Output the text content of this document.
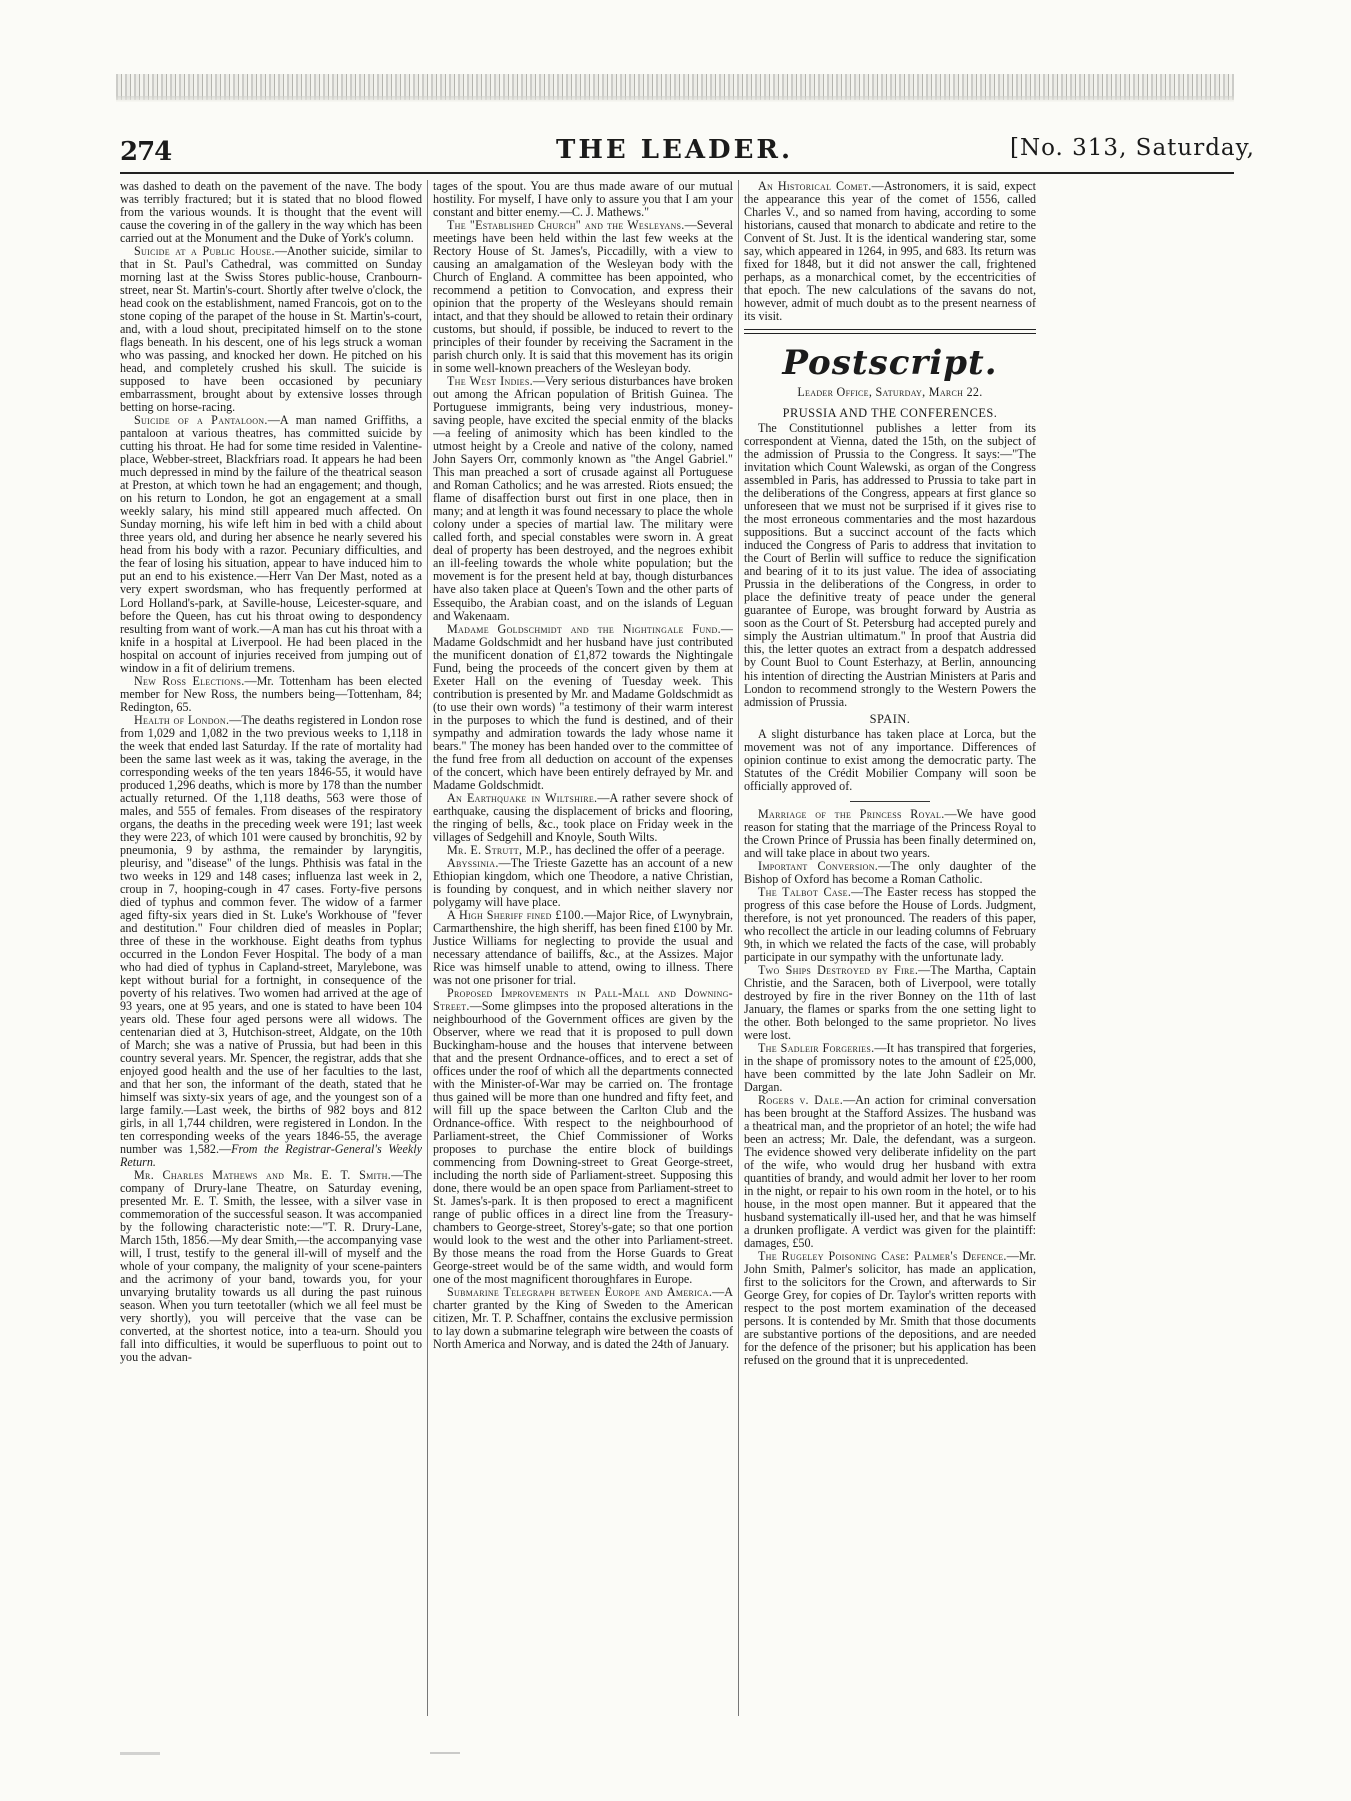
274	THE LEADER.	[No. 313, Saturday,

was dashed to death on the pavement of the nave. The body was terribly fractured; but it is stated that no blood flowed from the various wounds. It is thought that the event will cause the covering in of the gallery in the way which has been carried out at the Monument and the Duke of York's column.

Suicide at a Public House.—Another suicide, similar to that in St. Paul's Cathedral, was committed on Sunday morning last at the Swiss Stores public-house, Cranbourn-street, near St. Martin's-court. Shortly after twelve o'clock, the head cook on the establishment, named Francois, got on to the stone coping of the parapet of the house in St. Martin's-court, and, with a loud shout, precipitated himself on to the stone flags beneath. In his descent, one of his legs struck a woman who was passing, and knocked her down. He pitched on his head, and completely crushed his skull. The suicide is supposed to have been occasioned by pecuniary embarrassment, brought about by extensive losses through betting on horse-racing.

Suicide of a Pantaloon.—A man named Griffiths, a pantaloon at various theatres, has committed suicide by cutting his throat. He had for some time resided in Valentine-place, Webber-street, Blackfriars road. It appears he had been much depressed in mind by the failure of the theatrical season at Preston, at which town he had an engagement; and though, on his return to London, he got an engagement at a small weekly salary, his mind still appeared much affected. On Sunday morning, his wife left him in bed with a child about three years old, and during her absence he nearly severed his head from his body with a razor. Pecuniary difficulties, and the fear of losing his situation, appear to have induced him to put an end to his existence.—Herr Van Der Mast, noted as a very expert swordsman, who has frequently performed at Lord Holland's-park, at Saville-house, Leicester-square, and before the Queen, has cut his throat owing to despondency resulting from want of work.—A man has cut his throat with a knife in a hospital at Liverpool. He had been placed in the hospital on account of injuries received from jumping out of window in a fit of delirium tremens.

New Ross Elections.—Mr. Tottenham has been elected member for New Ross, the numbers being—Tottenham, 84; Redington, 65.

Health of London.—The deaths registered in London rose from 1,029 and 1,082 in the two previous weeks to 1,118 in the week that ended last Saturday. If the rate of mortality had been the same last week as it was, taking the average, in the corresponding weeks of the ten years 1846-55, it would have produced 1,296 deaths, which is more by 178 than the number actually returned. Of the 1,118 deaths, 563 were those of males, and 555 of females. From diseases of the respiratory organs, the deaths in the preceding week were 191; last week they were 223, of which 101 were caused by bronchitis, 92 by pneumonia, 9 by asthma, the remainder by laryngitis, pleurisy, and "disease" of the lungs. Phthisis was fatal in the two weeks in 129 and 148 cases; influenza last week in 2, croup in 7, hooping-cough in 47 cases. Forty-five persons died of typhus and common fever. The widow of a farmer aged fifty-six years died in St. Luke's Workhouse of "fever and destitution." Four children died of measles in Poplar; three of these in the workhouse. Eight deaths from typhus occurred in the London Fever Hospital. The body of a man who had died of typhus in Capland-street, Marylebone, was kept without burial for a fortnight, in consequence of the poverty of his relatives. Two women had arrived at the age of 93 years, one at 95 years, and one is stated to have been 104 years old. These four aged persons were all widows. The centenarian died at 3, Hutchison-street, Aldgate, on the 10th of March; she was a native of Prussia, but had been in this country several years. Mr. Spencer, the registrar, adds that she enjoyed good health and the use of her faculties to the last, and that her son, the informant of the death, stated that he himself was sixty-six years of age, and the youngest son of a large family.—Last week, the births of 982 boys and 812 girls, in all 1,744 children, were registered in London. In the ten corresponding weeks of the years 1846-55, the average number was 1,582.—From the Registrar-General's Weekly Return.

Mr. Charles Mathews and Mr. E. T. Smith.—The company of Drury-lane Theatre, on Saturday evening, presented Mr. E. T. Smith, the lessee, with a silver vase in commemoration of the successful season. It was accompanied by the following characteristic note:—"T. R. Drury-Lane, March 15th, 1856.—My dear Smith,—the accompanying vase will, I trust, testify to the general ill-will of myself and the whole of your company, the malignity of your scene-painters and the acrimony of your band, towards you, for your unvarying brutality towards us all during the past ruinous season. When you turn teetotaller (which we all feel must be very shortly), you will perceive that the vase can be converted, at the shortest notice, into a tea-urn. Should you fall into difficulties, it would be superfluous to point out to you the advan-

tages of the spout. You are thus made aware of our mutual hostility. For myself, I have only to assure you that I am your constant and bitter enemy.—C. J. Mathews."

The "Established Church" and the Wesleyans.—Several meetings have been held within the last few weeks at the Rectory House of St. James's, Piccadilly, with a view to causing an amalgamation of the Wesleyan body with the Church of England. A committee has been appointed, who recommend a petition to Convocation, and express their opinion that the property of the Wesleyans should remain intact, and that they should be allowed to retain their ordinary customs, but should, if possible, be induced to revert to the principles of their founder by receiving the Sacrament in the parish church only. It is said that this movement has its origin in some well-known preachers of the Wesleyan body.

The West Indies.—Very serious disturbances have broken out among the African population of British Guinea. The Portuguese immigrants, being very industrious, money-saving people, have excited the special enmity of the blacks—a feeling of animosity which has been kindled to the utmost height by a Creole and native of the colony, named John Sayers Orr, commonly known as "the Angel Gabriel." This man preached a sort of crusade against all Portuguese and Roman Catholics; and he was arrested. Riots ensued; the flame of disaffection burst out first in one place, then in many; and at length it was found necessary to place the whole colony under a species of martial law. The military were called forth, and special constables were sworn in. A great deal of property has been destroyed, and the negroes exhibit an ill-feeling towards the whole white population; but the movement is for the present held at bay, though disturbances have also taken place at Queen's Town and the other parts of Essequibo, the Arabian coast, and on the islands of Leguan and Wakenaam.

Madame Goldschmidt and the Nightingale Fund.—Madame Goldschmidt and her husband have just contributed the munificent donation of £1,872 towards the Nightingale Fund, being the proceeds of the concert given by them at Exeter Hall on the evening of Tuesday week. This contribution is presented by Mr. and Madame Goldschmidt as (to use their own words) "a testimony of their warm interest in the purposes to which the fund is destined, and of their sympathy and admiration towards the lady whose name it bears." The money has been handed over to the committee of the fund free from all deduction on account of the expenses of the concert, which have been entirely defrayed by Mr. and Madame Goldschmidt.

An Earthquake in Wiltshire.—A rather severe shock of earthquake, causing the displacement of bricks and flooring, the ringing of bells, &c., took place on Friday week in the villages of Sedgehill and Knoyle, South Wilts.

Mr. E. Strutt, M.P., has declined the offer of a peerage.

Abyssinia.—The Trieste Gazette has an account of a new Ethiopian kingdom, which one Theodore, a native Christian, is founding by conquest, and in which neither slavery nor polygamy will have place.

A High Sheriff fined £100.—Major Rice, of Lwynybrain, Carmarthenshire, the high sheriff, has been fined £100 by Mr. Justice Williams for neglecting to provide the usual and necessary attendance of bailiffs, &c., at the Assizes. Major Rice was himself unable to attend, owing to illness. There was not one prisoner for trial.

Proposed Improvements in Pall-Mall and Downing-Street.—Some glimpses into the proposed alterations in the neighbourhood of the Government offices are given by the Observer, where we read that it is proposed to pull down Buckingham-house and the houses that intervene between that and the present Ordnance-offices, and to erect a set of offices under the roof of which all the departments connected with the Minister-of-War may be carried on. The frontage thus gained will be more than one hundred and fifty feet, and will fill up the space between the Carlton Club and the Ordnance-office. With respect to the neighbourhood of Parliament-street, the Chief Commissioner of Works proposes to purchase the entire block of buildings commencing from Downing-street to Great George-street, including the north side of Parliament-street. Supposing this done, there would be an open space from Parliament-street to St. James's-park. It is then proposed to erect a magnificent range of public offices in a direct line from the Treasury-chambers to George-street, Storey's-gate; so that one portion would look to the west and the other into Parliament-street. By those means the road from the Horse Guards to Great George-street would be of the same width, and would form one of the most magnificent thoroughfares in Europe.

Submarine Telegraph between Europe and America.—A charter granted by the King of Sweden to the American citizen, Mr. T. P. Schaffner, contains the exclusive permission to lay down a submarine telegraph wire between the coasts of North America and Norway, and is dated the 24th of January.

An Historical Comet.—Astronomers, it is said, expect the appearance this year of the comet of 1556, called Charles V., and so named from having, according to some historians, caused that monarch to abdicate and retire to the Convent of St. Just. It is the identical wandering star, some say, which appeared in 1264, in 995, and 683. Its return was fixed for 1848, but it did not answer the call, frightened perhaps, as a monarchical comet, by the eccentricities of that epoch. The new calculations of the savans do not, however, admit of much doubt as to the present nearness of its visit.

Postscript.
Leader Office, Saturday, March 22.
PRUSSIA AND THE CONFERENCES.

The Constitutionnel publishes a letter from its correspondent at Vienna, dated the 15th, on the subject of the admission of Prussia to the Congress. It says:—"The invitation which Count Walewski, as organ of the Congress assembled in Paris, has addressed to Prussia to take part in the deliberations of the Congress, appears at first glance so unforeseen that we must not be surprised if it gives rise to the most erroneous commentaries and the most hazardous suppositions. But a succinct account of the facts which induced the Congress of Paris to address that invitation to the Court of Berlin will suffice to reduce the signification and bearing of it to its just value. The idea of associating Prussia in the deliberations of the Congress, in order to place the definitive treaty of peace under the general guarantee of Europe, was brought forward by Austria as soon as the Court of St. Petersburg had accepted purely and simply the Austrian ultimatum." In proof that Austria did this, the letter quotes an extract from a despatch addressed by Count Buol to Count Esterhazy, at Berlin, announcing his intention of directing the Austrian Ministers at Paris and London to recommend strongly to the Western Powers the admission of Prussia.

SPAIN.

A slight disturbance has taken place at Lorca, but the movement was not of any importance. Differences of opinion continue to exist among the democratic party. The Statutes of the Crédit Mobilier Company will soon be officially approved of.

Marriage of the Princess Royal.—We have good reason for stating that the marriage of the Princess Royal to the Crown Prince of Prussia has been finally determined on, and will take place in about two years.

Important Conversion.—The only daughter of the Bishop of Oxford has become a Roman Catholic.

The Talbot Case.—The Easter recess has stopped the progress of this case before the House of Lords. Judgment, therefore, is not yet pronounced. The readers of this paper, who recollect the article in our leading columns of February 9th, in which we related the facts of the case, will probably participate in our sympathy with the unfortunate lady.

Two Ships Destroyed by Fire.—The Martha, Captain Christie, and the Saracen, both of Liverpool, were totally destroyed by fire in the river Bonney on the 11th of last January, the flames or sparks from the one setting light to the other. Both belonged to the same proprietor. No lives were lost.

The Sadleir Forgeries.—It has transpired that forgeries, in the shape of promissory notes to the amount of £25,000, have been committed by the late John Sadleir on Mr. Dargan.

Rogers v. Dale.—An action for criminal conversation has been brought at the Stafford Assizes. The husband was a theatrical man, and the proprietor of an hotel; the wife had been an actress; Mr. Dale, the defendant, was a surgeon. The evidence showed very deliberate infidelity on the part of the wife, who would drug her husband with extra quantities of brandy, and would admit her lover to her room in the night, or repair to his own room in the hotel, or to his house, in the most open manner. But it appeared that the husband systematically ill-used her, and that he was himself a drunken profligate. A verdict was given for the plaintiff: damages, £50.

The Rugeley Poisoning Case: Palmer's Defence.—Mr. John Smith, Palmer's solicitor, has made an application, first to the solicitors for the Crown, and afterwards to Sir George Grey, for copies of Dr. Taylor's written reports with respect to the post mortem examination of the deceased persons. It is contended by Mr. Smith that those documents are substantive portions of the depositions, and are needed for the defence of the prisoner; but his application has been refused on the ground that it is unprecedented.
